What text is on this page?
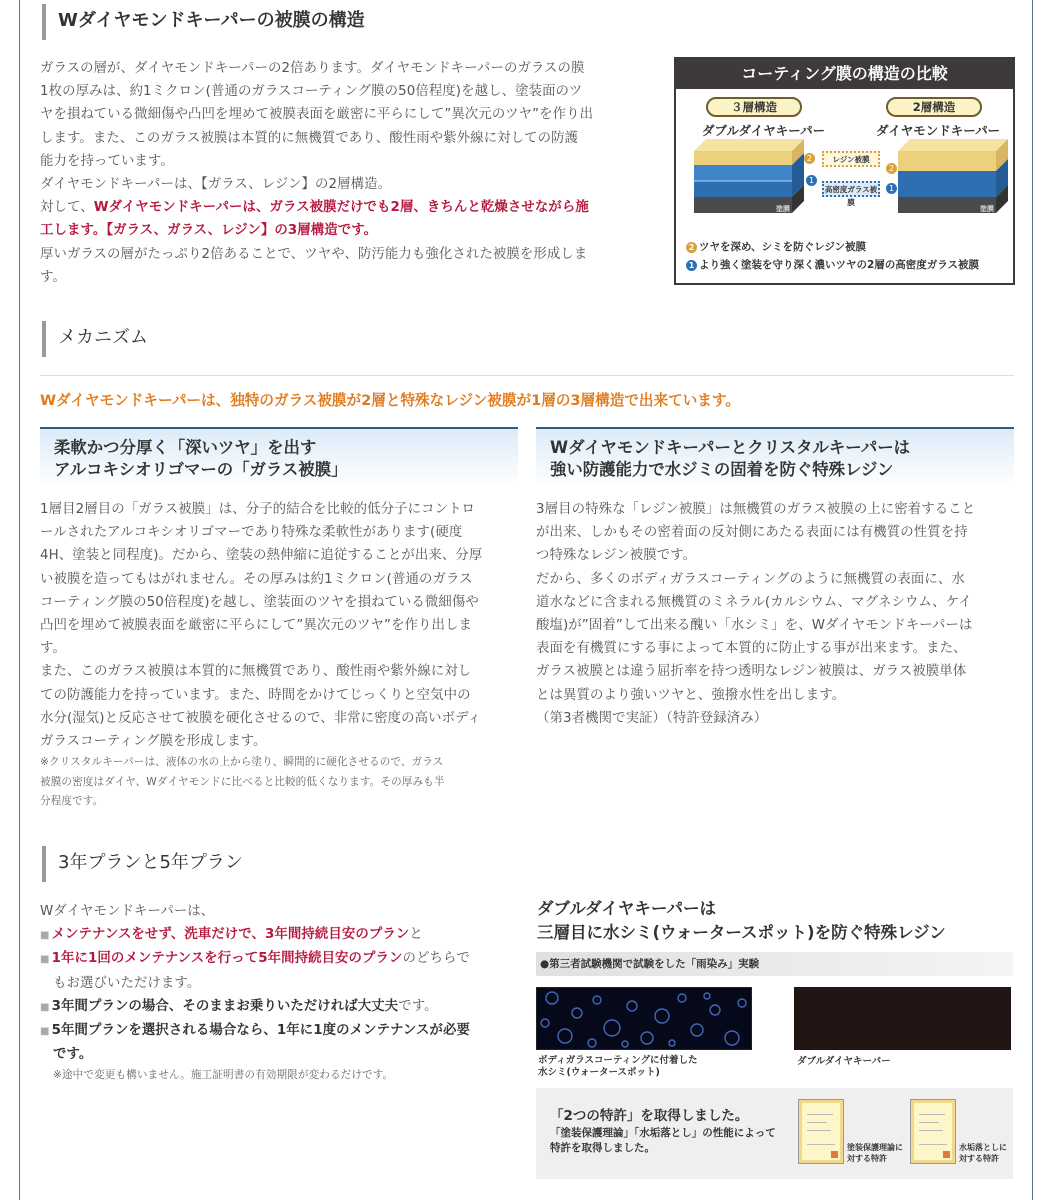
Wダイヤモンドキーパーの被膜の構造
ガラスの層が、ダイヤモンドキーパーの2倍あります。ダイヤモンドキーパーのガラスの膜
1枚の厚みは、約1ミクロン(普通のガラスコーティング膜の50倍程度)を越し、塗装面のツ
ヤを損ねている微細傷や凸凹を埋めて被膜表面を厳密に平らにして”異次元のツヤ”を作り出
します。また、このガラス被膜は本質的に無機質であり、酸性雨や紫外線に対しての防護
能力を持っています。
ダイヤモンドキーパーは、【ガラス、レジン】の2層構造。
対して、Wダイヤモンドキーパーは、ガラス被膜だけでも2層、きちんと乾燥させながら施
工します。【ガラス、ガラス、レジン】の3層構造です。
厚いガラスの層がたっぷり2倍あることで、ツヤや、防汚能力も強化された被膜を形成しま
す。
コーティング膜の構造の比較
３層構造	2層構造
ダブルダイヤキーパー	ダイヤモンドキーパー
塗膜	塗膜
レジン被膜
高密度ガラス被膜
2
2
1
1
2 ツヤを深め、シミを防ぐレジン被膜
1 より強く塗装を守り深く濃いツヤの2層の高密度ガラス被膜
メカニズム
Wダイヤモンドキーパーは、独特のガラス被膜が2層と特殊なレジン被膜が1層の3層構造で出来ています。
柔軟かつ分厚く「深いツヤ」を出す
アルコキシオリゴマーの「ガラス被膜」
Wダイヤモンドキーパーとクリスタルキーパーは
強い防護能力で水ジミの固着を防ぐ特殊レジン
1層目2層目の「ガラス被膜」は、分子的結合を比較的低分子にコントロ
ールされたアルコキシオリゴマーであり特殊な柔軟性があります(硬度
4H、塗装と同程度)。だから、塗装の熱伸縮に追従することが出来、分厚
い被膜を造ってもはがれません。その厚みは約1ミクロン(普通のガラス
コーティング膜の50倍程度)を越し、塗装面のツヤを損ねている微細傷や
凸凹を埋めて被膜表面を厳密に平らにして”異次元のツヤ”を作り出しま
す。
また、このガラス被膜は本質的に無機質であり、酸性雨や紫外線に対し
ての防護能力を持っています。また、時間をかけてじっくりと空気中の
水分(湿気)と反応させて被膜を硬化させるので、非常に密度の高いボディ
ガラスコーティング膜を形成します。
※クリスタルキーパーは、液体の水の上から塗り、瞬間的に硬化させるので、ガラス
被膜の密度はダイヤ、Wダイヤモンドに比べると比較的低くなります。その厚みも半
分程度です。
3層目の特殊な「レジン被膜」は無機質のガラス被膜の上に密着すること
が出来、しかもその密着面の反対側にあたる表面には有機質の性質を持
つ特殊なレジン被膜です。
だから、多くのボディガラスコーティングのように無機質の表面に、水
道水などに含まれる無機質のミネラル(カルシウム、マグネシウム、ケイ
酸塩)が”固着”して出来る醜い「水シミ」を、Wダイヤモンドキーパーは
表面を有機質にする事によって本質的に防止する事が出来ます。また、
ガラス被膜とは違う屈折率を持つ透明なレジン被膜は、ガラス被膜単体
とは異質のより強いツヤと、強撥水性を出します。
（第3者機関で実証）（特許登録済み）
3年プランと5年プラン
Wダイヤモンドキーパーは、
■ メンテナンスをせず、洗車だけで、3年間持続目安のプランと
■ 1年に1回のメンテナンスを行って5年間持続目安のプランのどちらで
もお選びいただけます。
■ 3年間プランの場合、そのままお乗りいただければ大丈夫です。
■ 5年間プランを選択される場合なら、1年に1度のメンテナンスが必要
です。
※途中で変更も構いません。施工証明書の有効期限が変わるだけです。
ダブルダイヤキーパーは
三層目に水シミ(ウォータースポット)を防ぐ特殊レジン
●第三者試験機関で試験をした「雨染み」実験
ボディガラスコーティングに付着した
水シミ(ウォータースポット)
ダブルダイヤキーパー
「2つの特許」を取得しました。
「塗装保護理論」「水垢落とし」の性能によって
特許を取得しました。	塗装保護理論に
対する特許
水垢落としに
対する特許
